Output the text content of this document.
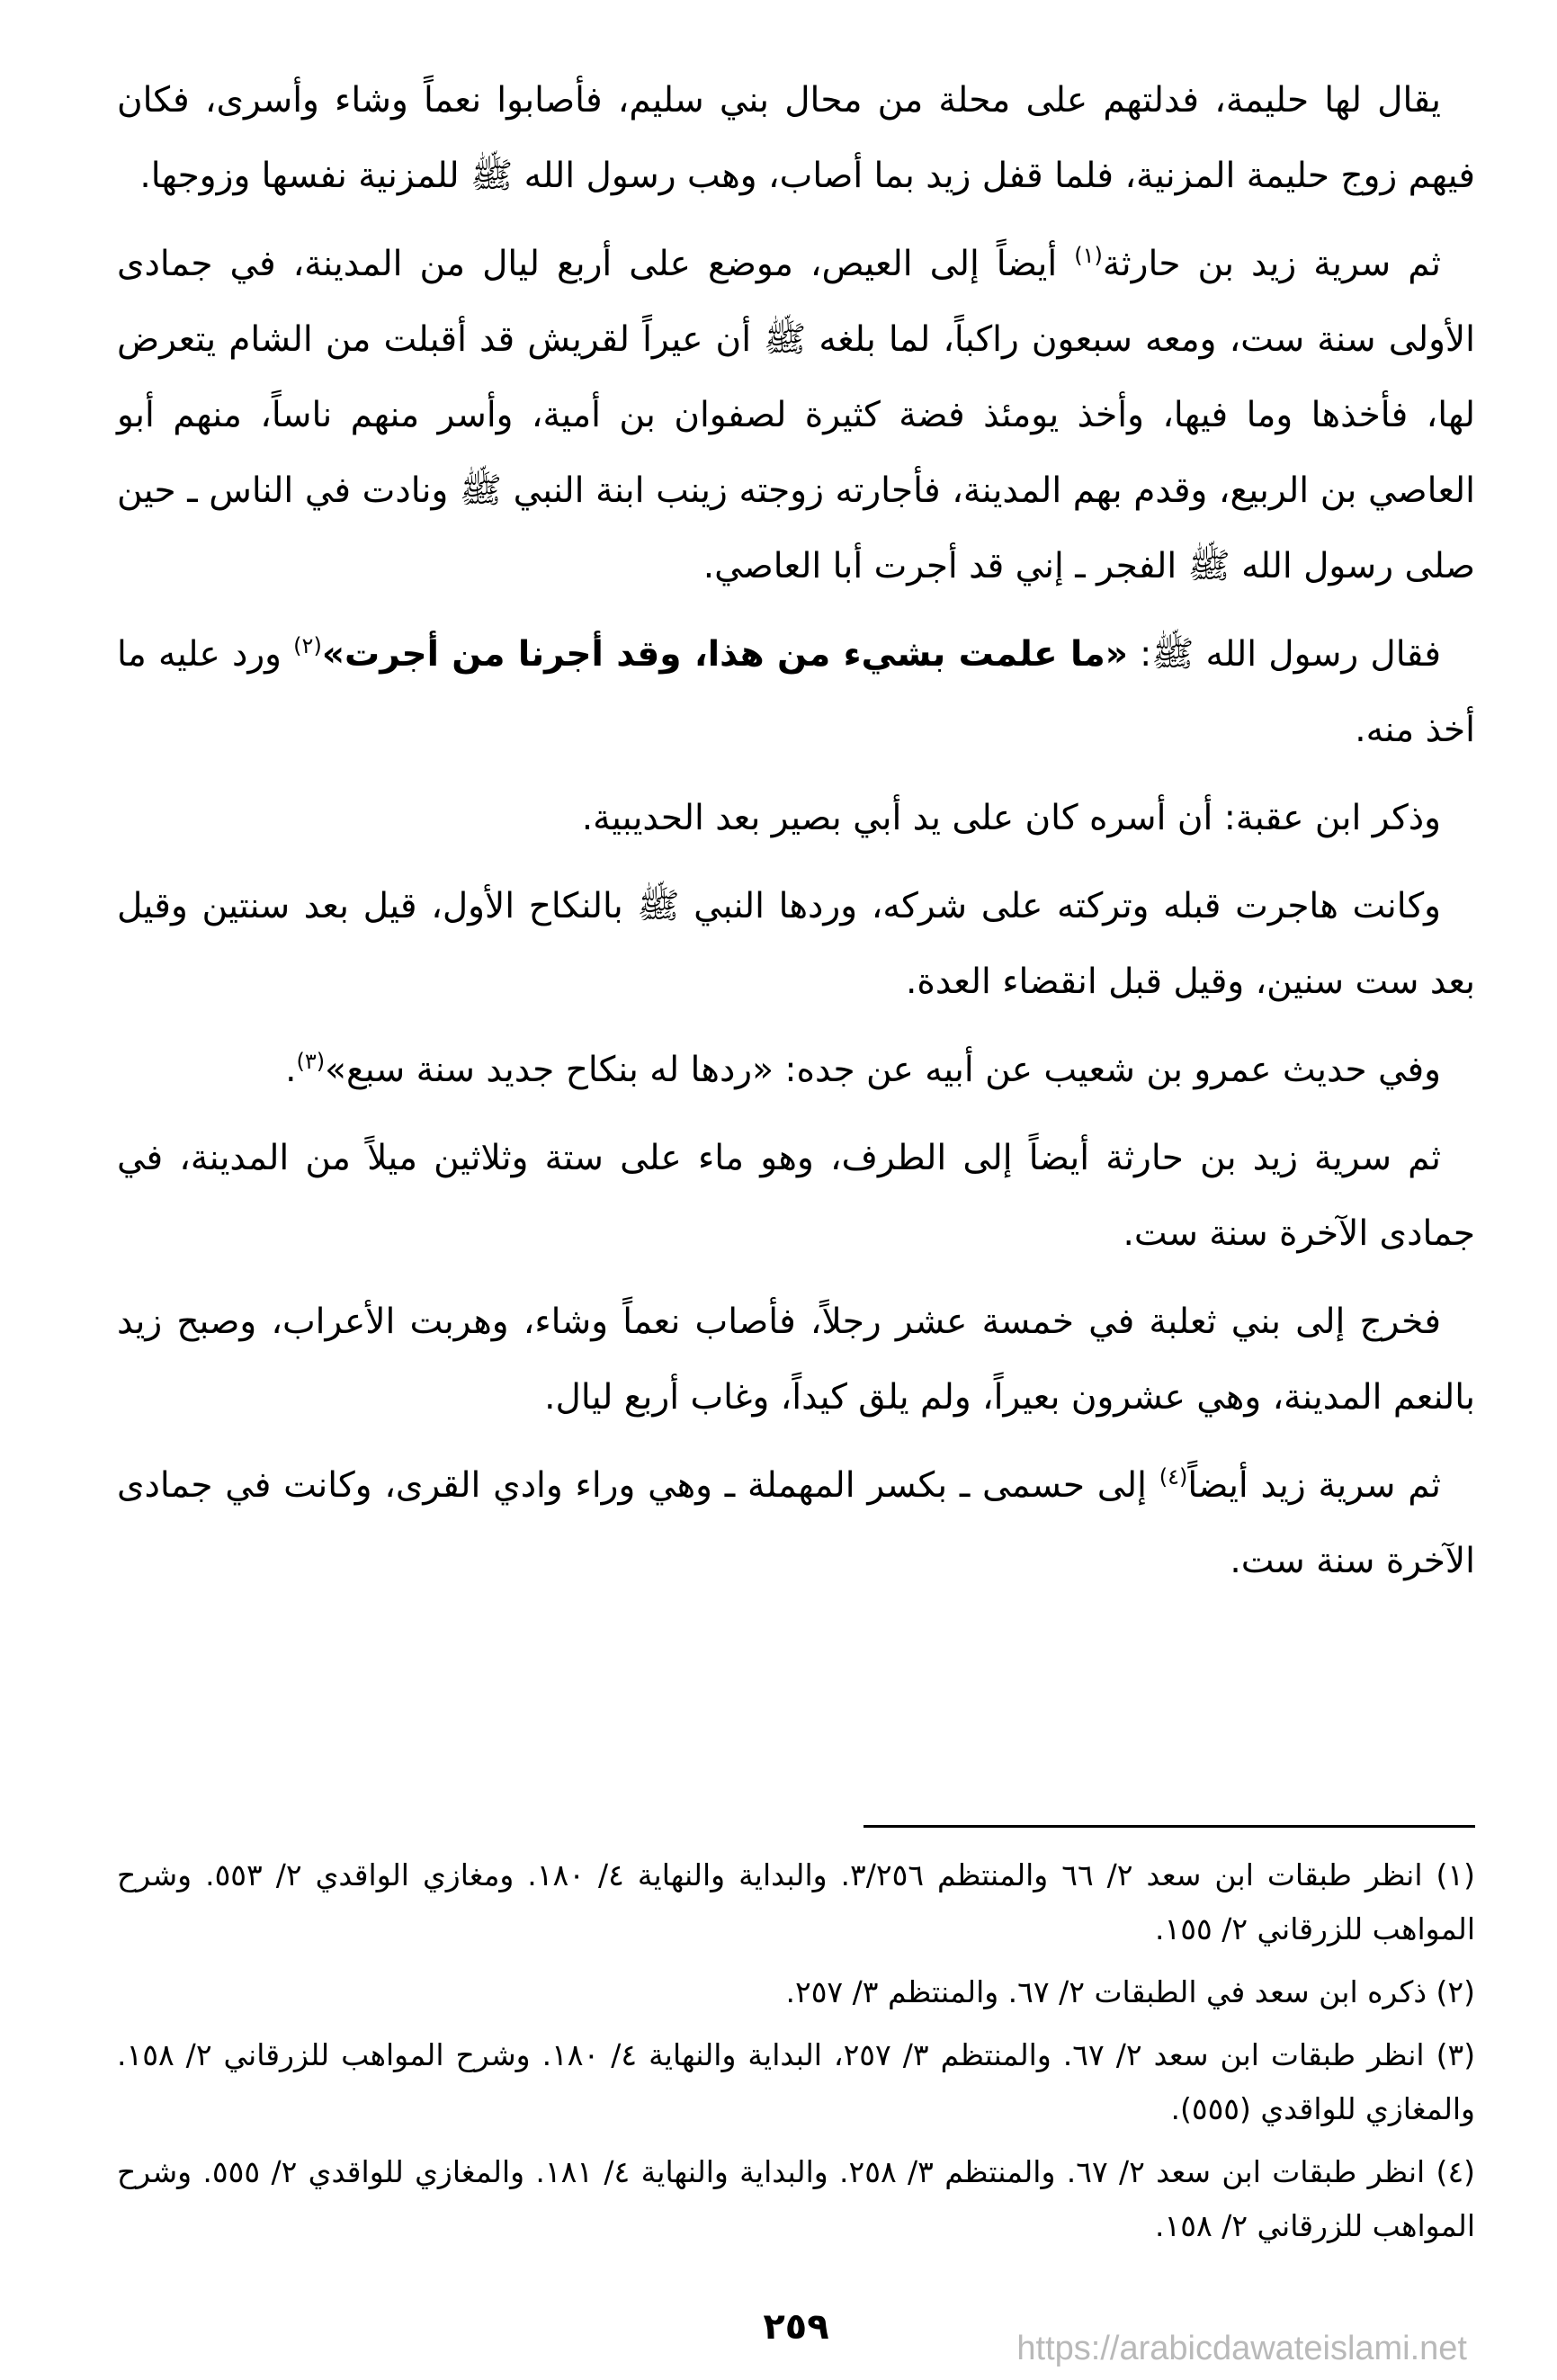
يقال لها حليمة، فدلتهم على محلة من محال بني سليم، فأصابوا نعماً وشاء وأسرى، فكان فيهم زوج حليمة المزنية، فلما قفل زيد بما أصاب، وهب رسول الله ﷺ للمزنية نفسها وزوجها.

ثم سرية زيد بن حارثة$^{(١)}$ أيضاً إلى العيص، موضع على أربع ليال من المدينة، في جمادى الأولى سنة ست، ومعه سبعون راكباً، لما بلغه ﷺ أن عيراً لقريش قد أقبلت من الشام يتعرض لها، فأخذها وما فيها، وأخذ يومئذ فضة كثيرة لصفوان بن أمية، وأسر منهم ناساً، منهم أبو العاصي بن الربيع، وقدم بهم المدينة، فأجارته زوجته زينب ابنة النبي ﷺ ونادت في الناس ـ حين صلى رسول الله ﷺ الفجر ـ إني قد أجرت أبا العاصي.

فقال رسول الله ﷺ: «ما علمت بشيء من هذا، وقد أجرنا من أجرت»$^{(٢)}$ ورد عليه ما أخذ منه.

وذكر ابن عقبة: أن أسره كان على يد أبي بصير بعد الحديبية.

وكانت هاجرت قبله وتركته على شركه، وردها النبي ﷺ بالنكاح الأول، قيل بعد سنتين وقيل بعد ست سنين، وقيل قبل انقضاء العدة.

وفي حديث عمرو بن شعيب عن أبيه عن جده: «ردها له بنكاح جديد سنة سبع»$^{(٣)}$.

ثم سرية زيد بن حارثة أيضاً إلى الطرف، وهو ماء على ستة وثلاثين ميلاً من المدينة، في جمادى الآخرة سنة ست.

فخرج إلى بني ثعلبة في خمسة عشر رجلاً، فأصاب نعماً وشاء، وهربت الأعراب، وصبح زيد بالنعم المدينة، وهي عشرون بعيراً، ولم يلق كيداً، وغاب أربع ليال.

ثم سرية زيد أيضاً$^{(٤)}$ إلى حسمى ـ بكسر المهملة ـ وهي وراء وادي القرى، وكانت في جمادى الآخرة سنة ست.

(١) انظر طبقات ابن سعد ٢/ ٦٦ والمنتظم ٣/٢٥٦. والبداية والنهاية ٤/ ١٨٠. ومغازي الواقدي ٢/ ٥٥٣. وشرح المواهب للزرقاني ٢/ ١٥٥.

(٢) ذكره ابن سعد في الطبقات ٢/ ٦٧. والمنتظم ٣/ ٢٥٧.

(٣) انظر طبقات ابن سعد ٢/ ٦٧. والمنتظم ٣/ ٢٥٧، البداية والنهاية ٤/ ١٨٠. وشرح المواهب للزرقاني ٢/ ١٥٨. والمغازي للواقدي (٥٥٥).

(٤) انظر طبقات ابن سعد ٢/ ٦٧. والمنتظم ٣/ ٢٥٨. والبداية والنهاية ٤/ ١٨١. والمغازي للواقدي ٢/ ٥٥٥. وشرح المواهب للزرقاني ٢/ ١٥٨.

٢٥٩
https://arabicdawateislami.net
